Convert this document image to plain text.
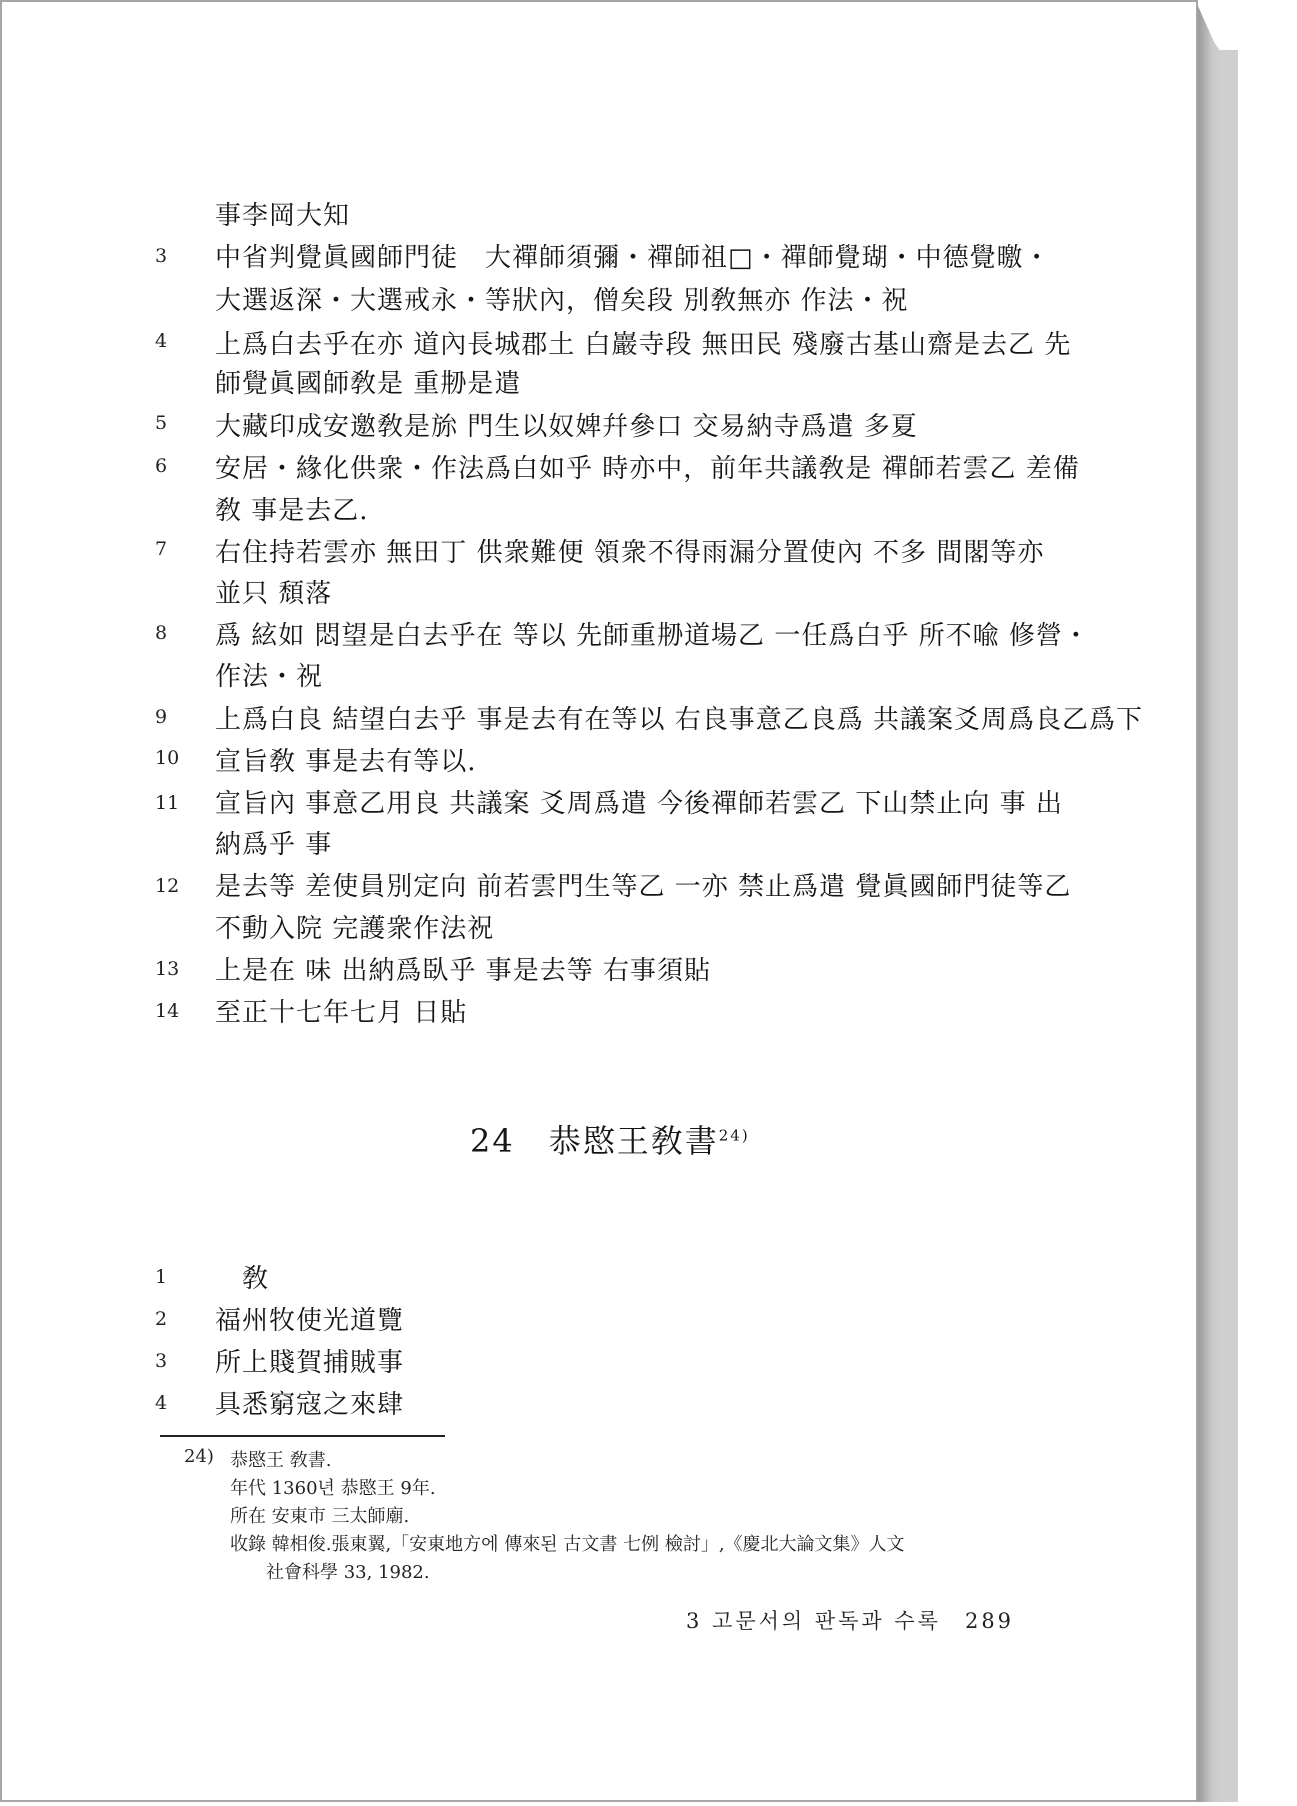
事李岡大知
3	中省判覺眞國師門徒　大禪師須彌・禪師祖□・禪師覺瑚・中德覺曒・
大選返深・大選戒永・等狀內，僧矣段 別敎無亦 作法・祝
4	上爲白去乎在亦 道內長城郡土 白巖寺段 無田民 殘廢古基山齋是去乙 先
師覺眞國師敎是 重刱是遣
5	大藏印成安邀敎是旀 門生以奴婢幷參口 交易納寺爲遣 多夏
6	安居・緣化供衆・作法爲白如乎 時亦中，前年共議敎是 禪師若雲乙 差備
敎 事是去乙.
7	右住持若雲亦 無田丁 供衆難便 領衆不得雨漏分置使內 不多 間閣等亦
並只 頹落
8	爲 絃如 悶望是白去乎在 等以 先師重刱道場乙 一任爲白乎 所不喩 修營・
作法・祝
9	上爲白良 結望白去乎 事是去有在等以 右良事意乙良爲 共議案爻周爲良乙爲下
10	宣旨敎 事是去有等以.
11	宣旨內 事意乙用良 共議案 爻周爲遣 今後禪師若雲乙 下山禁止向 事 出
納爲乎 事
12	是去等 差使員別定向 前若雲門生等乙 一亦 禁止爲遣 覺眞國師門徒等乙
不動入院 完護衆作法祝
13	上是在 味 出納爲臥乎 事是去等 右事須貼
14	至正十七年七月 日貼
24　恭愍王敎書$^{24)}$
1	　敎
2	福州牧使光道覽
3	所上賤賀捕賊事
4	具悉窮寇之來肆
24) 恭愍王 敎書.
年代 1360년 恭愍王 9年.
所在 安東市 三太師廟.
收錄 韓相俊.張東翼,「安東地方에 傳來된 古文書 七例 檢討」,《慶北大論文集》人文
社會科學 33, 1982.
3 고문서의 판독과 수록　289
